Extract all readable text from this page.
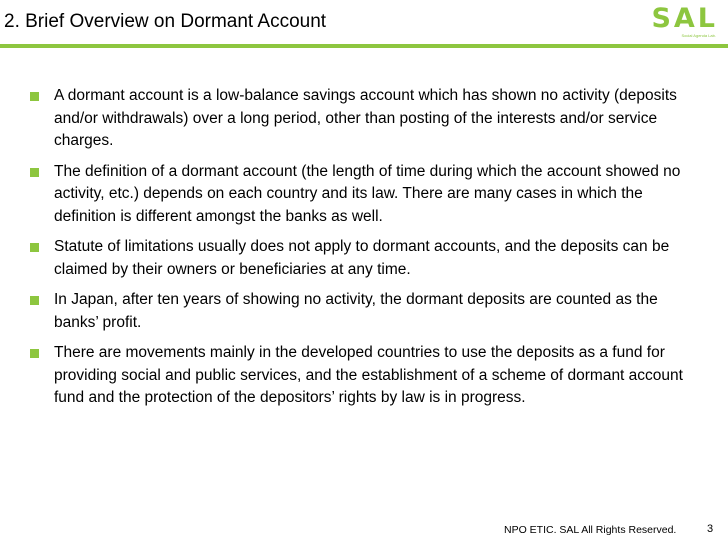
2. Brief Overview on Dormant Account	SAL
Social Agenda Lab.
A dormant account is a low-balance savings account which has shown no activity (deposits and/or withdrawals) over a long period, other than posting of the interests and/or service charges.
The definition of a dormant account (the length of time during which the account showed no activity, etc.) depends on each country and its law. There are many cases in which the definition is different amongst the banks as well.
Statute of limitations usually does not apply to dormant accounts, and the deposits can be claimed by their owners or beneficiaries at any time.
In Japan, after ten years of showing no activity, the dormant deposits are counted as the banks’ profit.
There are movements mainly in the developed countries to use the deposits as a fund for providing social and public services, and the establishment of a scheme of dormant account fund and the protection of the depositors’ rights by law is in progress.
NPO ETIC. SAL All Rights Reserved.	3
